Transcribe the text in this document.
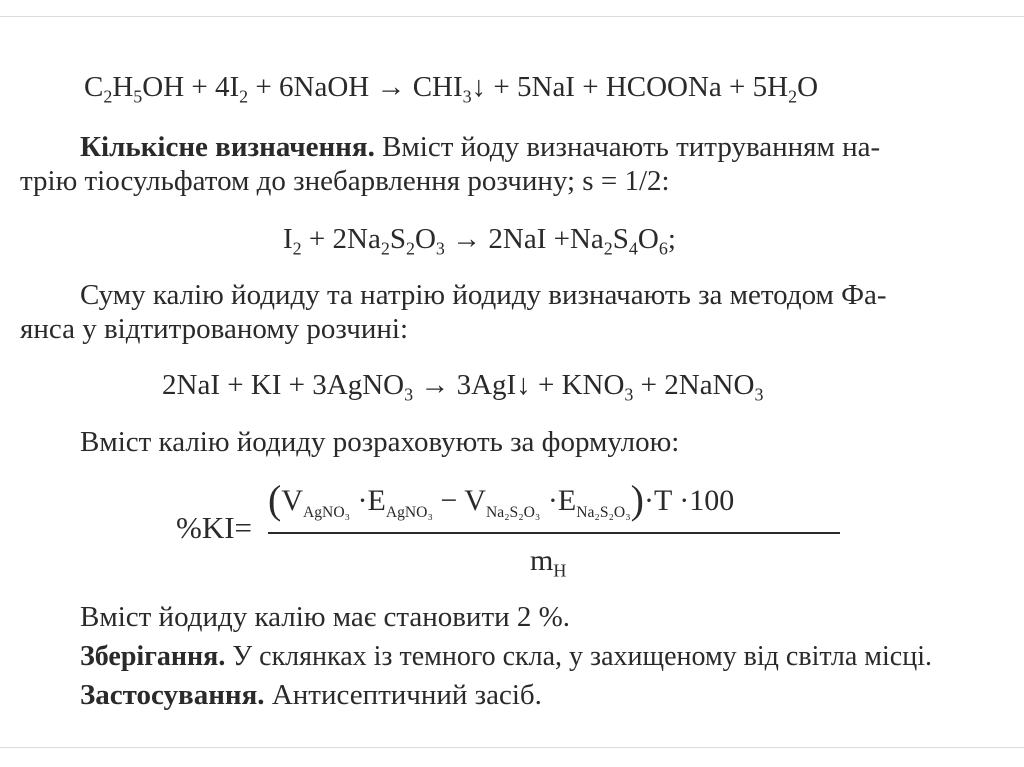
$C_2H_5OH + 4I_2$ + 6NaOH → $CHI_3↓ + 5NaI$ + HCOONa + $5H_2O$
Кількісне визначення. Вміст йоду визначають титруванням на-
трію тіосульфатом до знебарвлення розчину; s = 1/2:
$I_2 + 2Na_2S_2O_3 \to 2NaI +Na_2S_4O_6$;
Суму калію йодиду та натрію йодиду визначають за методом Фа-
янса у відтитрованому розчині:
2NaI + KI + 3AgNO$_3$ → 3AgI↓ + $KNO_3$ + 2NaNO$_3$
Вміст калію йодиду розраховують за формулою:
%KI=
$(V_{AgNO_3} \cdot E_{AgNO_3} - V_{Na_2S_2O_3} \cdot E_{Na_2S_2O_3})\cdot T \cdot 100$
$m_H$
Вміст йодиду калію має становити 2 %.
Зберігання. У склянках із темного скла, у захищеному від світла місці.
Застосування. Антисептичний засіб.
